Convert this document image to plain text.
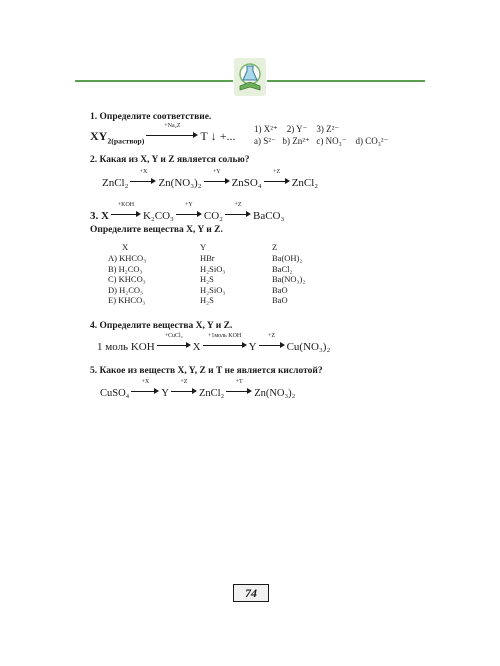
1. Определите соответствие.
$XY_{2(раствор)}$
+Na₂Z
T ↓ +... 1) X²⁺ 2) Y⁻ 3) Z²⁻
a) S²⁻ b) Zn²⁺ c) NO₃⁻ d) CO₃²⁻
2. Какая из X, Y и Z является солью?
ZnCl₂
+X
Zn(NO₃)₂
+Y
ZnSO₄
+Z
ZnCl₂
3. X
+KOH
K₂CO₃
+Y
CO₂
+Z
BaCO₃
Определите вещества X, Y и Z.
X	Y	Z
A) KHCO₃	HBr	Ba(OH)₂
B) H₂CO₃	H₂SiO₃	BaCl₂
C) KHCO₃	H₂S	Ba(NO₃)₂
D) H₂CO₃	H₂SiO₃	BaO
E) KHCO₃	H₂S	BaO
4. Определите вещества X, Y и Z.
1 моль KOH
+CuCl₂
X
+1моль KOH
Y
+Z
Cu(NO₃)₂
5. Какое из веществ X, Y, Z и T не является кислотой?
CuSO₄
+X
Y
+Z
ZnCl₂
+T
Zn(NO₃)₂
74
